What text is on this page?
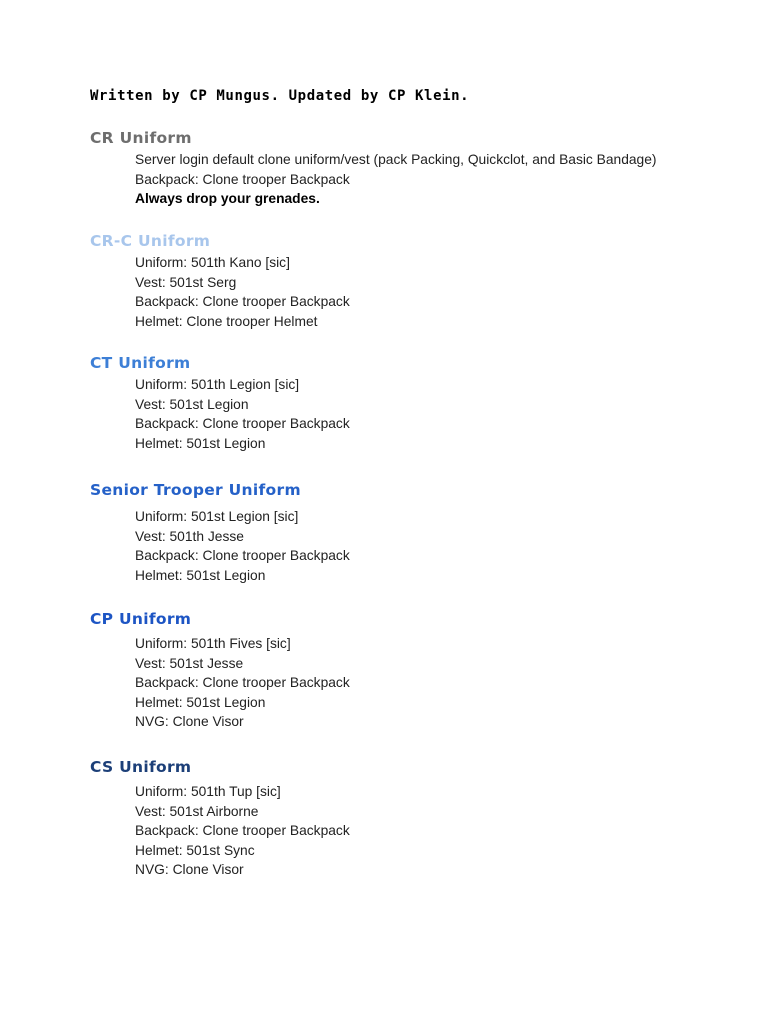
Written by CP Mungus. Updated by CP Klein.
CR Uniform
Server login default clone uniform/vest (pack Packing, Quickclot, and Basic Bandage)
Backpack: Clone trooper Backpack
Always drop your grenades.
CR-C Uniform
Uniform: 501th Kano [sic]
Vest: 501st Serg
Backpack: Clone trooper Backpack
Helmet: Clone trooper Helmet
CT Uniform
Uniform: 501th Legion [sic]
Vest: 501st Legion
Backpack: Clone trooper Backpack
Helmet: 501st Legion
Senior Trooper Uniform
Uniform: 501st Legion [sic]
Vest: 501th Jesse
Backpack: Clone trooper Backpack
Helmet: 501st Legion
CP Uniform
Uniform: 501th Fives [sic]
Vest: 501st Jesse
Backpack: Clone trooper Backpack
Helmet: 501st Legion
NVG: Clone Visor
CS Uniform
Uniform: 501th Tup [sic]
Vest: 501st Airborne
Backpack: Clone trooper Backpack
Helmet: 501st Sync
NVG: Clone Visor
